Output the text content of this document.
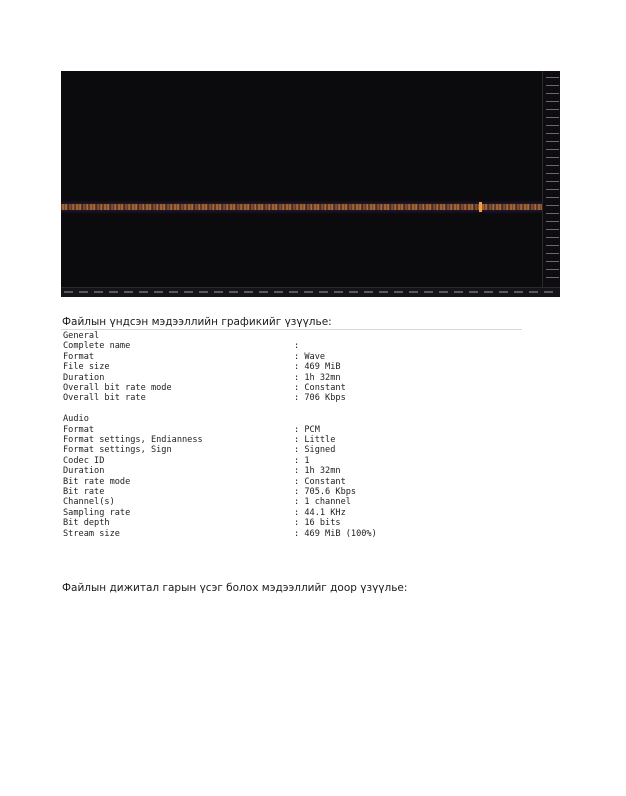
Файлын үндсэн мэдээллийн графикийг үзүүлье:

General
Complete name	:
Format	: Wave
File size	: 469 MiB
Duration	: 1h 32mn
Overall bit rate mode	: Constant
Overall bit rate	: 706 Kbps
Audio
Format	: PCM
Format settings, Endianness	: Little
Format settings, Sign	: Signed
Codec ID	: 1
Duration	: 1h 32mn
Bit rate mode	: Constant
Bit rate	: 705.6 Kbps
Channel(s)	: 1 channel
Sampling rate	: 44.1 KHz
Bit depth	: 16 bits
Stream size	: 469 MiB (100%)

Файлын дижитал гарын үсэг болох мэдээллийг доор үзүүлье:
